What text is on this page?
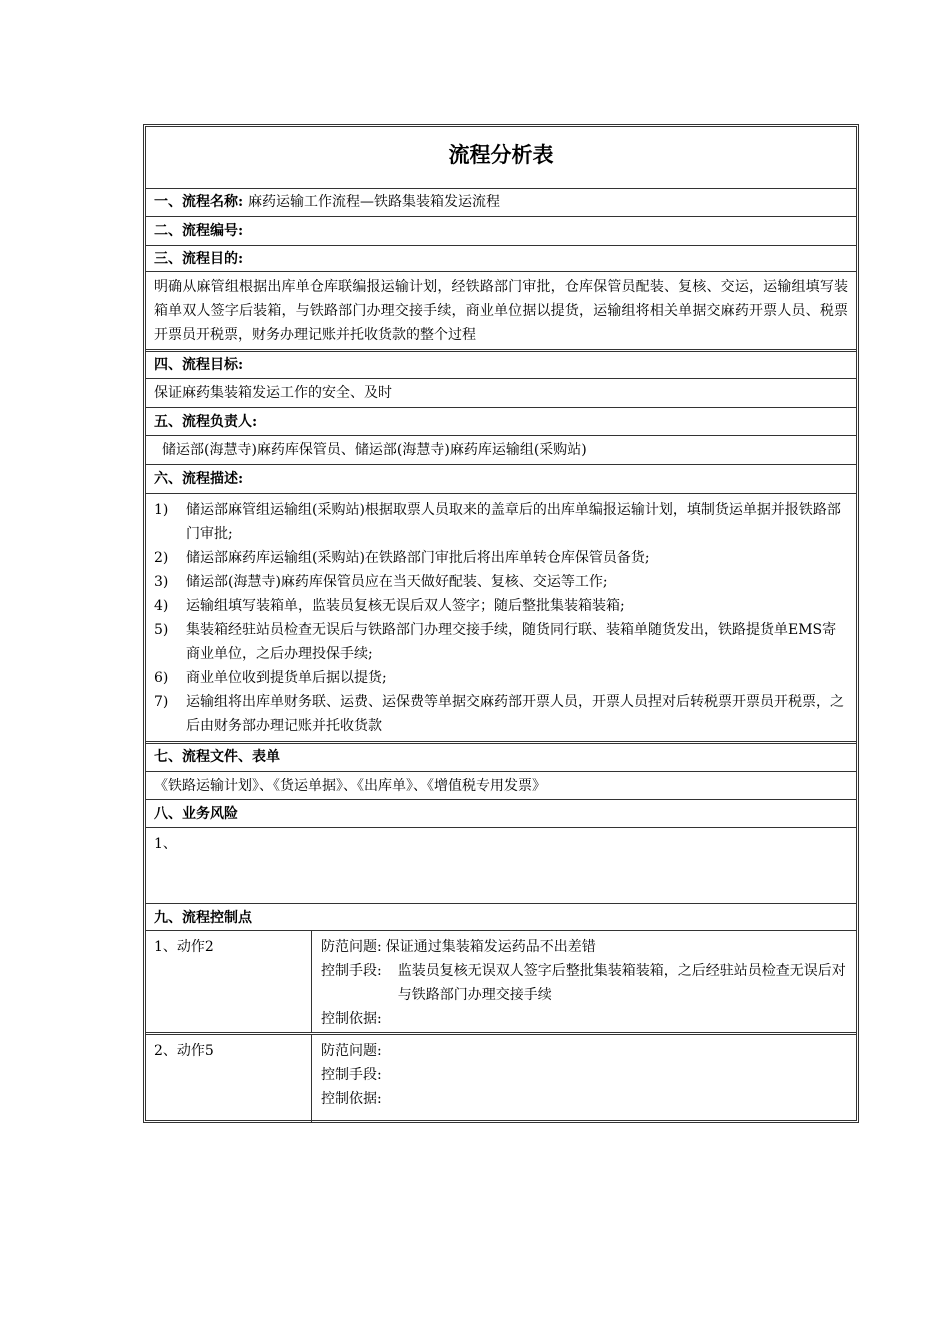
流程分析表
一、流程名称: 麻药运输工作流程—铁路集装箱发运流程
二、流程编号:
三、流程目的:
明确从麻管组根据出库单仓库联编报运输计划，经铁路部门审批，仓库保管员配装、复核、交运，运输组填写装箱单双人签字后装箱，与铁路部门办理交接手续，商业单位据以提货，运输组将相关单据交麻药开票人员、税票开票员开税票，财务办理记账并托收货款的整个过程
四、流程目标:
保证麻药集装箱发运工作的安全、及时
五、流程负责人:
储运部(海慧寺)麻药库保管员、储运部(海慧寺)麻药库运输组(采购站)
六、流程描述:
1)	储运部麻管组运输组(采购站)根据取票人员取来的盖章后的出库单编报运输计划，填制货运单据并报铁路部门审批;
2)	储运部麻药库运输组(采购站)在铁路部门审批后将出库单转仓库保管员备货;
3)	储运部(海慧寺)麻药库保管员应在当天做好配装、复核、交运等工作;
4)	运输组填写装箱单，监装员复核无误后双人签字；随后整批集装箱装箱;
5)	集装箱经驻站员检查无误后与铁路部门办理交接手续，随货同行联、装箱单随货发出，铁路提货单EMS寄商业单位，之后办理投保手续;
6)	商业单位收到提货单后据以提货;
7)	运输组将出库单财务联、运费、运保费等单据交麻药部开票人员，开票人员捏对后转税票开票员开税票，之后由财务部办理记账并托收货款
七、流程文件、表单
《铁路运输计划》、《货运单据》、《出库单》、《增值税专用发票》
八、业务风险
1、
九、流程控制点
1、动作2	防范问题: 保证通过集装箱发运药品不出差错
控制手段:	监装员复核无误双人签字后整批集装箱装箱，之后经驻站员检查无误后对与铁路部门办理交接手续
控制依据:
2、动作5	防范问题:
控制手段:
控制依据:
